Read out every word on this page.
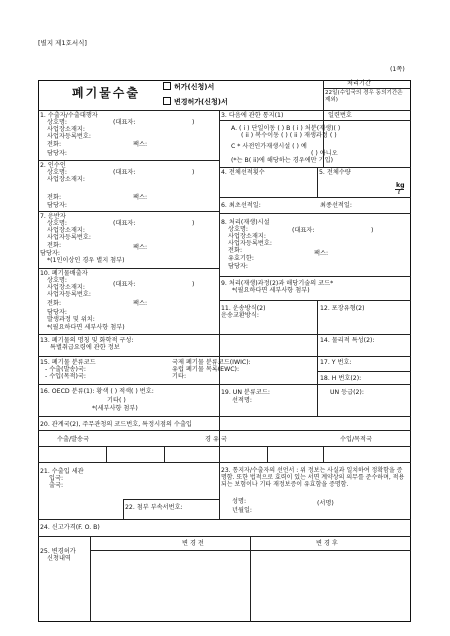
[별지 제1호서식]
(1쪽)
폐기물수출	허가(신청)서
변경허가(신청)서
처리기간
22일(수입국의 경우 동의기간은 제외)
1. 수출자/수출대행자
상호명:	(대표자:	)
사업장소재지:
사업자등록번호:
전화:	팩스:
담당자:
2. 인수인
상호명:	(대표자:	)
사업장소재지:
전화:	팩스:
담당자:
7. 운반자
상호명:	(대표자:	)
사업장소재지:
사업자등록번호:
전화:	팩스:
담당자:
*(1인이상인 경우 별지 첨부)
10. 폐기물배출자
상호명:
(대표자:	)
사업장소재지:
사업자등록번호:
전화:	팩스:
담당자:
발생과정 및 위치:
*(필요하다면 세부사항 첨부)
3. 다음에 관한 통지(1)	일련번호
A. ( i ) 단일이동 ( ) B ( i ) 처분(재생)( )
( ii ) 복수이동 ( ) ( ii ) 재생과정 ( )
C * 사전인가재생시설 ( ) 예
( ) 아니오
(*는 B( ii)에 해당하는 경우에만 기입)
4. 전체선적횟수	5. 전체수량
kg
ℓ
6. 최초선적일:	최종선적일:
8. 처리(재생)시설
상호명:	(대표자:	)
사업장소재지:
사업자등록번호:
전화:	팩스:
유효기한:
담당자:
9. 처리(재생)과정(2)과 해당기술의 코드*
*(필요하다면 세부사항 첨부)
11. 운송방식(2)
운송교환방식:
12. 포장유형(2)
13. 폐기물의 명칭 및 화학적 구성:
특별취급요령에 관한 정보
14. 물리적 특성(2):
15. 폐기물 분류코드
- 수출(발송)국:
- 수입(목적)국:
국제 폐기물 분류코드(IWIC):
유럽 폐기물 목록(EWC):
기타:
17. Y 번호:
18. H 번호(2):
16. OECD 분류(1): 황색 ( ) 적색( ) 번호:
기타( )
*(세부사항 첨부)
19. UN 분류코드:	UN 등급(2):
선적명:
20. 관계국(2), 주무관청의 코드번호, 특정시점의 수출입
수출/발송국	경 유 국	수입/목적국
21. 수출입 세관
입국:
출국:
22. 첨부 부속서번호:
23. 통지자/수출자의 선언서 : 위 정보는 사실과 일치하여 정확함을 증명함. 또한 법적으로 효력이 있는 서면 계약상의 의무를 준수하며, 적용되는 보험이나 기타 재정보증이 유효함을 증명함.
성명:	(서명)
년월일:
24. 신고가격(F. O. B)
25. 변경허가
신청내역
변 경 전	변 경 후
